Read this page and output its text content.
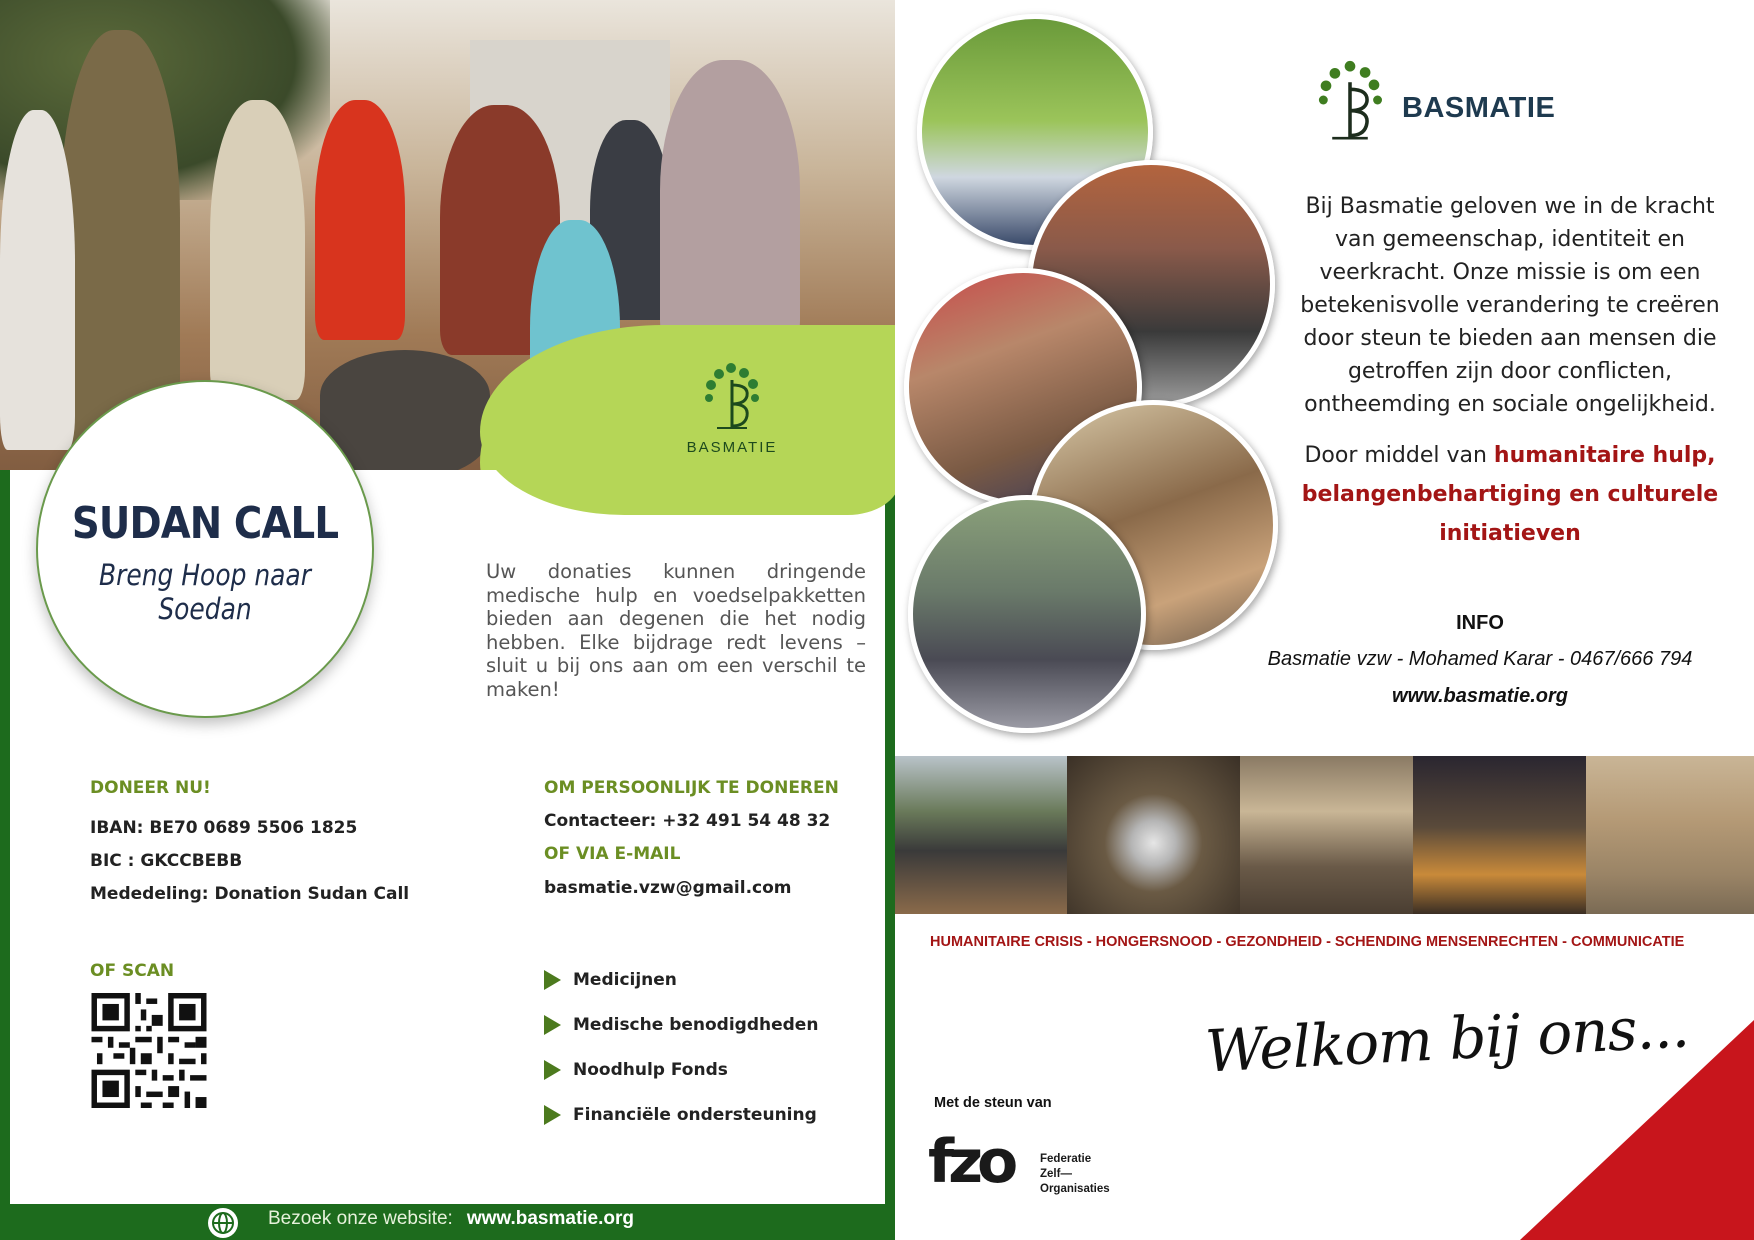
BASMATIE
SUDAN CALL
Breng Hoop naar Soedan
Uw donaties kunnen dringende medische hulp en voedselpakketten bieden aan degenen die het nodig hebben. Elke bijdrage redt levens – sluit u bij ons aan om een verschil te maken!
DONEER NU!
IBAN: BE70 0689 5506 1825
BIC : GKCCBEBB
Mededeling: Donation Sudan Call
OM PERSOONLIJK TE DONEREN
Contacteer: +32 491 54 48 32
OF VIA E-MAIL
basmatie.vzw@gmail.com
OF SCAN	Medicijnen
Medische benodigdheden
Noodhulp Fonds
Financiële ondersteuning
Bezoek onze website: www.basmatie.org
BASMATIE
Bij Basmatie geloven we in de kracht van gemeenschap, identiteit en veerkracht. Onze missie is om een betekenisvolle verandering te creëren door steun te bieden aan mensen die getroffen zijn door conflicten, ontheemding en sociale ongelijkheid.
Door middel van humanitaire hulp, belangenbehartiging en culturele initiatieven
INFO
Basmatie vzw - Mohamed Karar - 0467/666 794
www.basmatie.org
HUMANITAIRE CRISIS - HONGERSNOOD - GEZONDHEID - SCHENDING MENSENRECHTEN - COMMUNICATIE
Welkom bij ons...
Met de steun van
fzo Federatie
Zelf—
Organisaties
